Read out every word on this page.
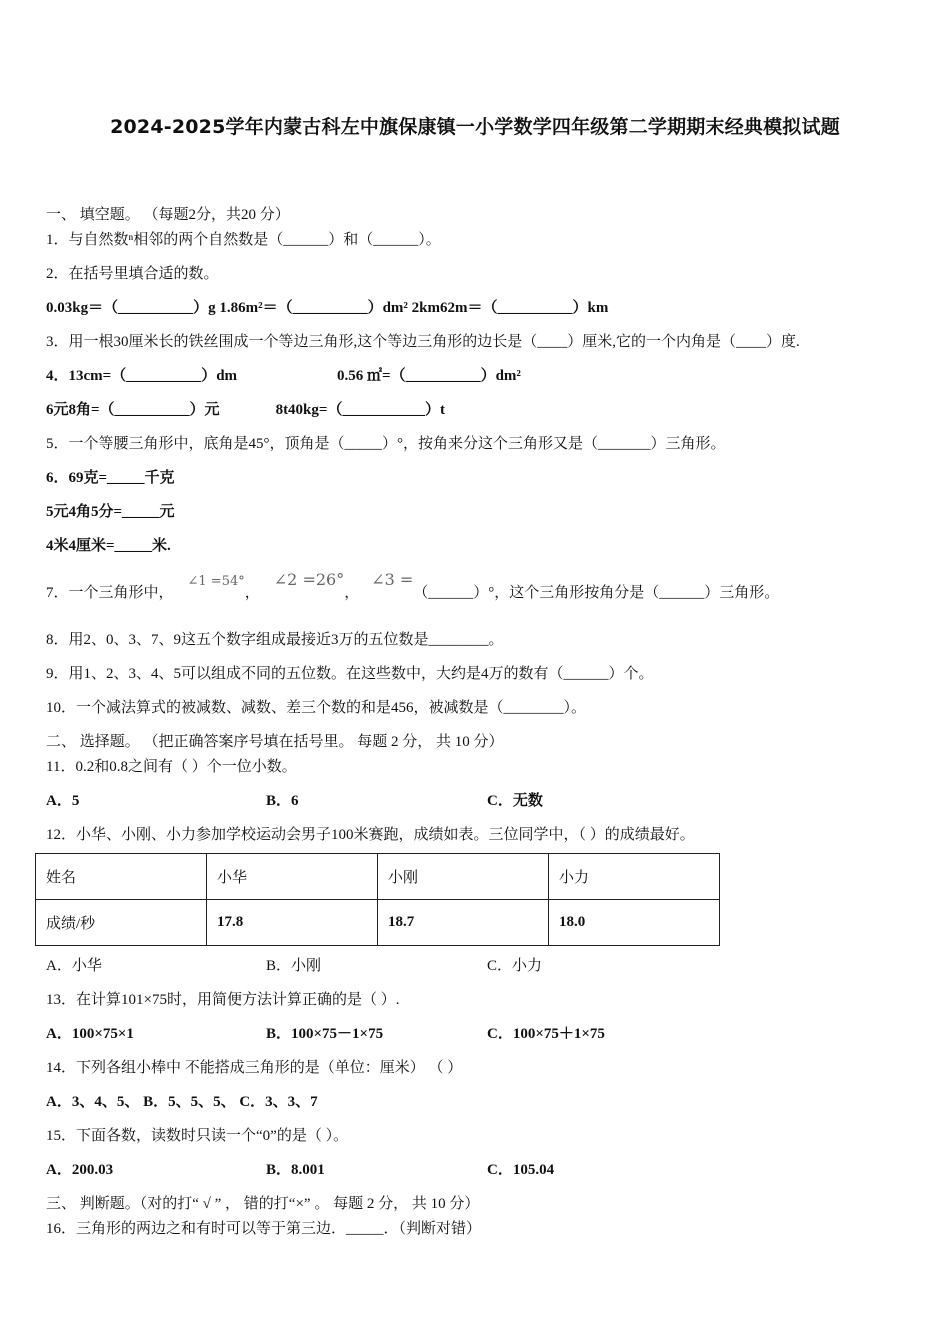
2024-2025学年内蒙古科左中旗保康镇一小学数学四年级第二学期期末经典模拟试题
一、 填空题。 （每题2分，共20 分）
1．与自然数ⁿ相邻的两个自然数是（______）和（______）。
2．在括号里填合适的数。
0.03kg＝（__________）g 1.86m²＝（__________）dm² 2km62m＝（__________）km
3．用一根30厘米长的铁丝围成一个等边三角形,这个等边三角形的边长是（____）厘米,它的一个内角是（____）度.
4．13cm=（__________）dm	0.56 ㎡=（__________）dm²
6元8角=（__________）元	8t40kg=（___________）t
5．一个等腰三角形中，底角是45°，顶角是（_____）°，按角来分这个三角形又是（_______）三角形。
6．69克=_____千克
5元4角5分=_____元
4米4厘米=_____米.
7．一个三角形中，∠1 =54°，∠2 =26°，∠3 =（______）°，这个三角形按角分是（______）三角形。
8．用2、0、3、7、9这五个数字组成最接近3万的五位数是________。
9．用1、2、3、4、5可以组成不同的五位数。在这些数中，大约是4万的数有（______）个。
10．一个减法算式的被减数、减数、差三个数的和是456，被减数是（________）。
二、 选择题。 （把正确答案序号填在括号里。 每题 2 分， 共 10 分）
11．0.2和0.8之间有（ ）个一位小数。
A．5	B．6	C．无数
12．小华、小刚、小力参加学校运动会男子100米赛跑，成绩如表。三位同学中，（ ）的成绩最好。
姓名	小华	小刚	小力
成绩/秒	17.8	18.7	18.0
A．小华	B．小刚	C．小力
13．在计算101×75时，用简便方法计算正确的是（ ）.
A．100×75×1	B．100×75－1×75	C．100×75＋1×75
14．下列各组小棒中 不能搭成三角形的是（单位：厘米） （ ）
A．3、4、5、 B．5、5、5、 C．3、3、7
15．下面各数，读数时只读一个“0”的是（ ）。
A．200.03	B．8.001	C．105.04
三、 判断题。（对的打“ √ ” ， 错的打“×” 。 每题 2 分， 共 10 分）
16．三角形的两边之和有时可以等于第三边．_____．（判断对错）
